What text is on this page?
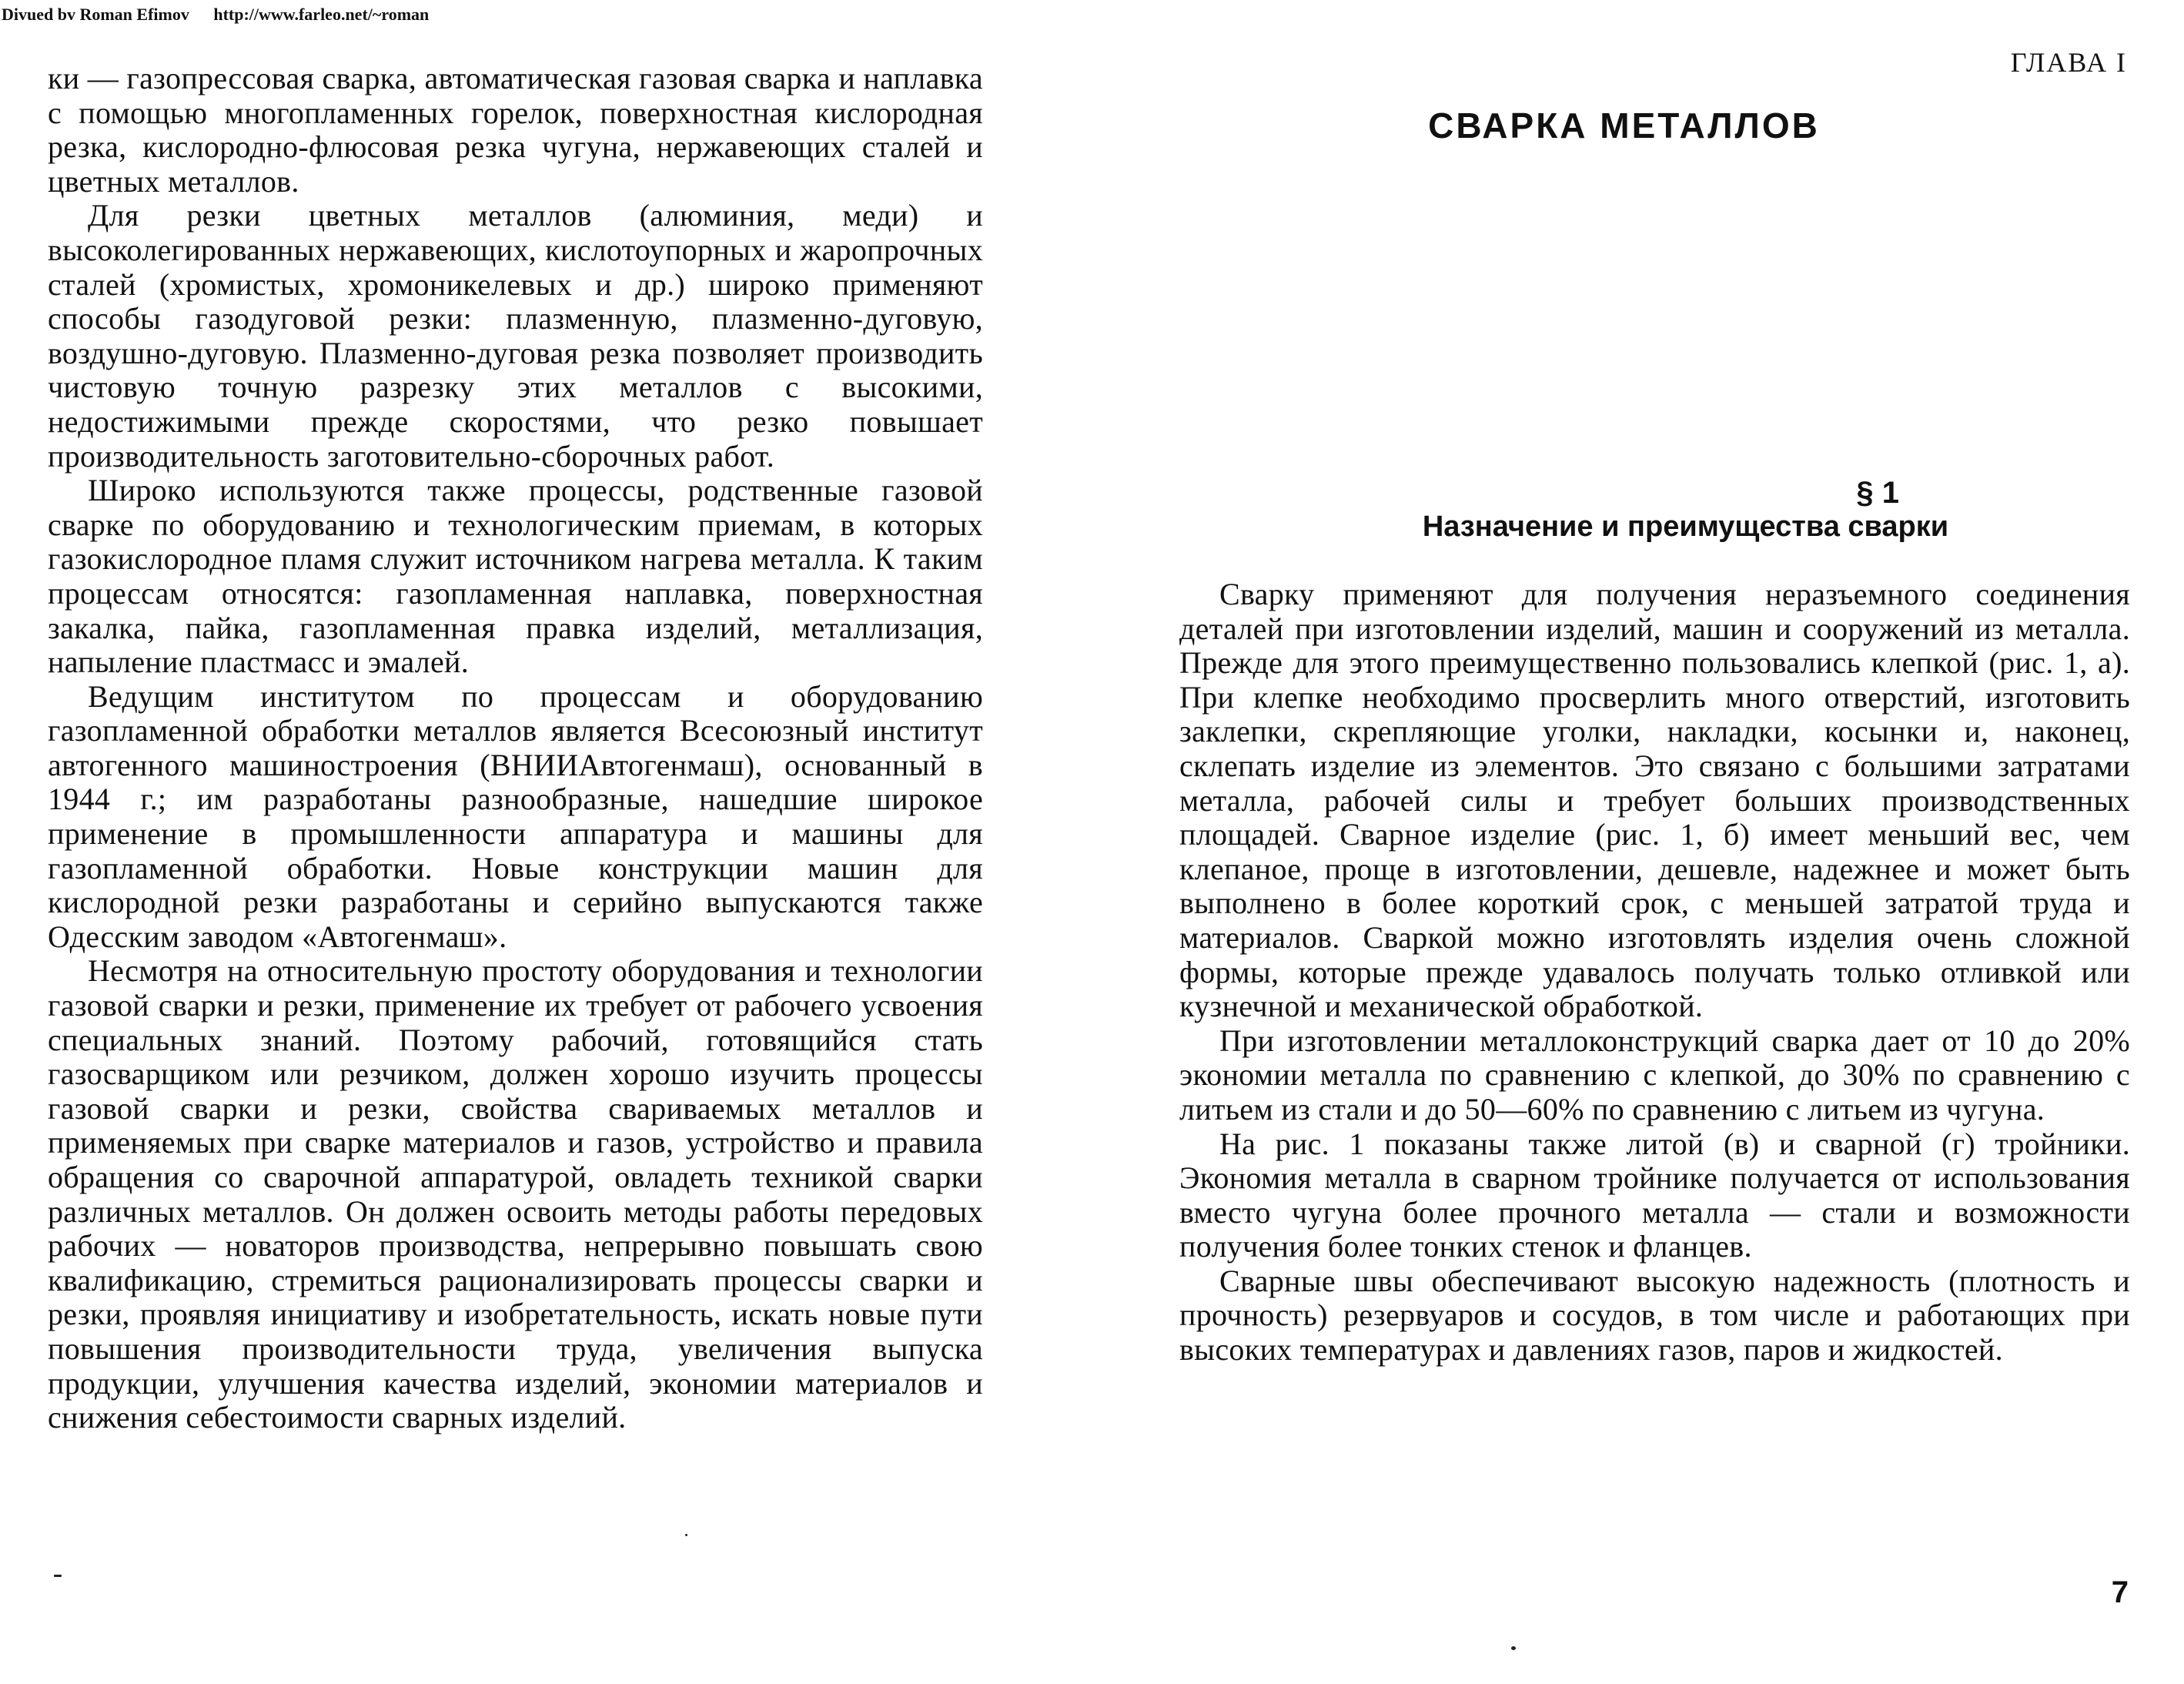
Divued bv Roman Efimov http://www.farleo.net/~roman

ки — газопрессовая сварка, автоматическая газовая сварка и наплавка с помощью многопламенных горелок, поверхностная кислородная резка, кислородно-флюсовая резка чугуна, нержавеющих сталей и цветных металлов.

Для резки цветных металлов (алюминия, меди) и высоколегированных нержавеющих, кислотоупорных и жаропрочных сталей (хромистых, хромоникелевых и др.) широко применяют способы газодуговой резки: плазменную, плазменно-дуговую, воздушно-дуговую. Плазменно-дуговая резка позволяет производить чистовую точную разрезку этих металлов с высокими, недостижимыми прежде скоростями, что резко повышает производительность заготовительно-сборочных работ.

Широко используются также процессы, родственные газовой сварке по оборудованию и технологическим приемам, в которых газокислородное пламя служит источником нагрева металла. К таким процессам относятся: газопламенная наплавка, поверхностная закалка, пайка, газопламенная правка изделий, металлизация, напыление пластмасс и эмалей.

Ведущим институтом по процессам и оборудованию газопламенной обработки металлов является Всесоюзный институт автогенного машиностроения (ВНИИАвтогенмаш), основанный в 1944 г.; им разработаны разнообразные, нашедшие широкое применение в промышленности аппаратура и машины для газопламенной обработки. Новые конструкции машин для кислородной резки разработаны и серийно выпускаются также Одесским заводом «Автогенмаш».

Несмотря на относительную простоту оборудования и технологии газовой сварки и резки, применение их требует от рабочего усвоения специальных знаний. Поэтому рабочий, готовящийся стать газосварщиком или резчиком, должен хорошо изучить процессы газовой сварки и резки, свойства свариваемых металлов и применяемых при сварке материалов и газов, устройство и правила обращения со сварочной аппаратурой, овладеть техникой сварки различных металлов. Он должен освоить методы работы передовых рабочих — новаторов производства, непрерывно повышать свою квалификацию, стремиться рационализировать процессы сварки и резки, проявляя инициативу и изобретательность, искать новые пути повышения производительности труда, увеличения выпуска продукции, улучшения качества изделий, экономии материалов и снижения себестоимости сварных изделий.

ГЛАВА I

СВАРКА МЕТАЛЛОВ
§ 1
Назначение и преимущества сварки

Сварку применяют для получения неразъемного соединения деталей при изготовлении изделий, машин и сооружений из металла. Прежде для этого преимущественно пользовались клепкой (рис. 1, а). При клепке необходимо просверлить много отверстий, изготовить заклепки, скрепляющие уголки, накладки, косынки и, наконец, склепать изделие из элементов. Это связано с большими затратами металла, рабочей силы и требует больших производственных площадей. Сварное изделие (рис. 1, б) имеет меньший вес, чем клепаное, проще в изготовлении, дешевле, надежнее и может быть выполнено в более короткий срок, с меньшей затратой труда и материалов. Сваркой можно изготовлять изделия очень сложной формы, которые прежде удавалось получать только отливкой или кузнечной и механической обработкой.

При изготовлении металлоконструкций сварка дает от 10 до 20% экономии металла по сравнению с клепкой, до 30% по сравнению с литьем из стали и до 50—60% по сравнению с литьем из чугуна.

На рис. 1 показаны также литой (в) и сварной (г) тройники. Экономия металла в сварном тройнике получается от использования вместо чугуна более прочного металла — стали и возможности получения более тонких стенок и фланцев.

Сварные швы обеспечивают высокую надежность (плотность и прочность) резервуаров и сосудов, в том числе и работающих при высоких температурах и давлениях газов, паров и жидкостей.

7
